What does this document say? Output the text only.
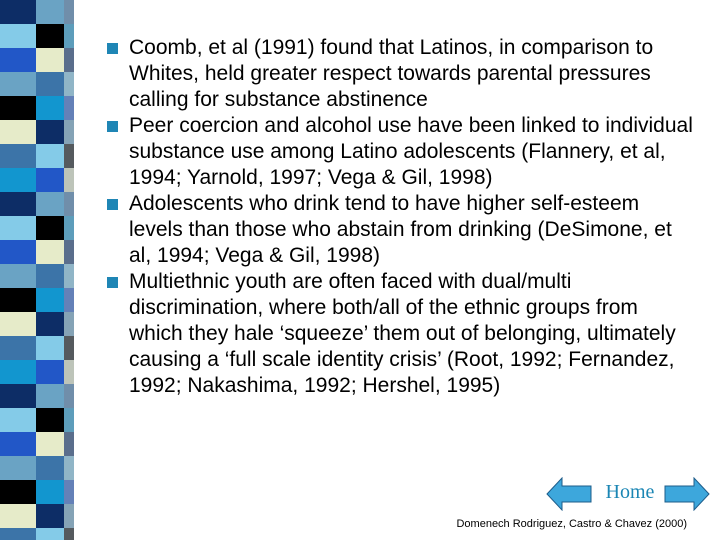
Coomb, et al (1991) found that Latinos, in comparison to Whites, held greater respect towards parental pressures calling for substance abstinence
Peer coercion and alcohol use have been linked to individual substance use among Latino adolescents (Flannery, et al, 1994; Yarnold, 1997; Vega & Gil, 1998)
Adolescents who drink tend to have higher self-esteem levels than those who abstain from drinking (DeSimone, et al, 1994; Vega & Gil, 1998)
Multiethnic youth are often faced with dual/multi discrimination, where both/all of the ethnic groups from which they hale ‘squeeze’ them out of belonging, ultimately causing a ‘full scale identity crisis’ (Root, 1992; Fernandez, 1992; Nakashima, 1992; Hershel, 1995)
Home
Domenech Rodriguez, Castro & Chavez (2000)
